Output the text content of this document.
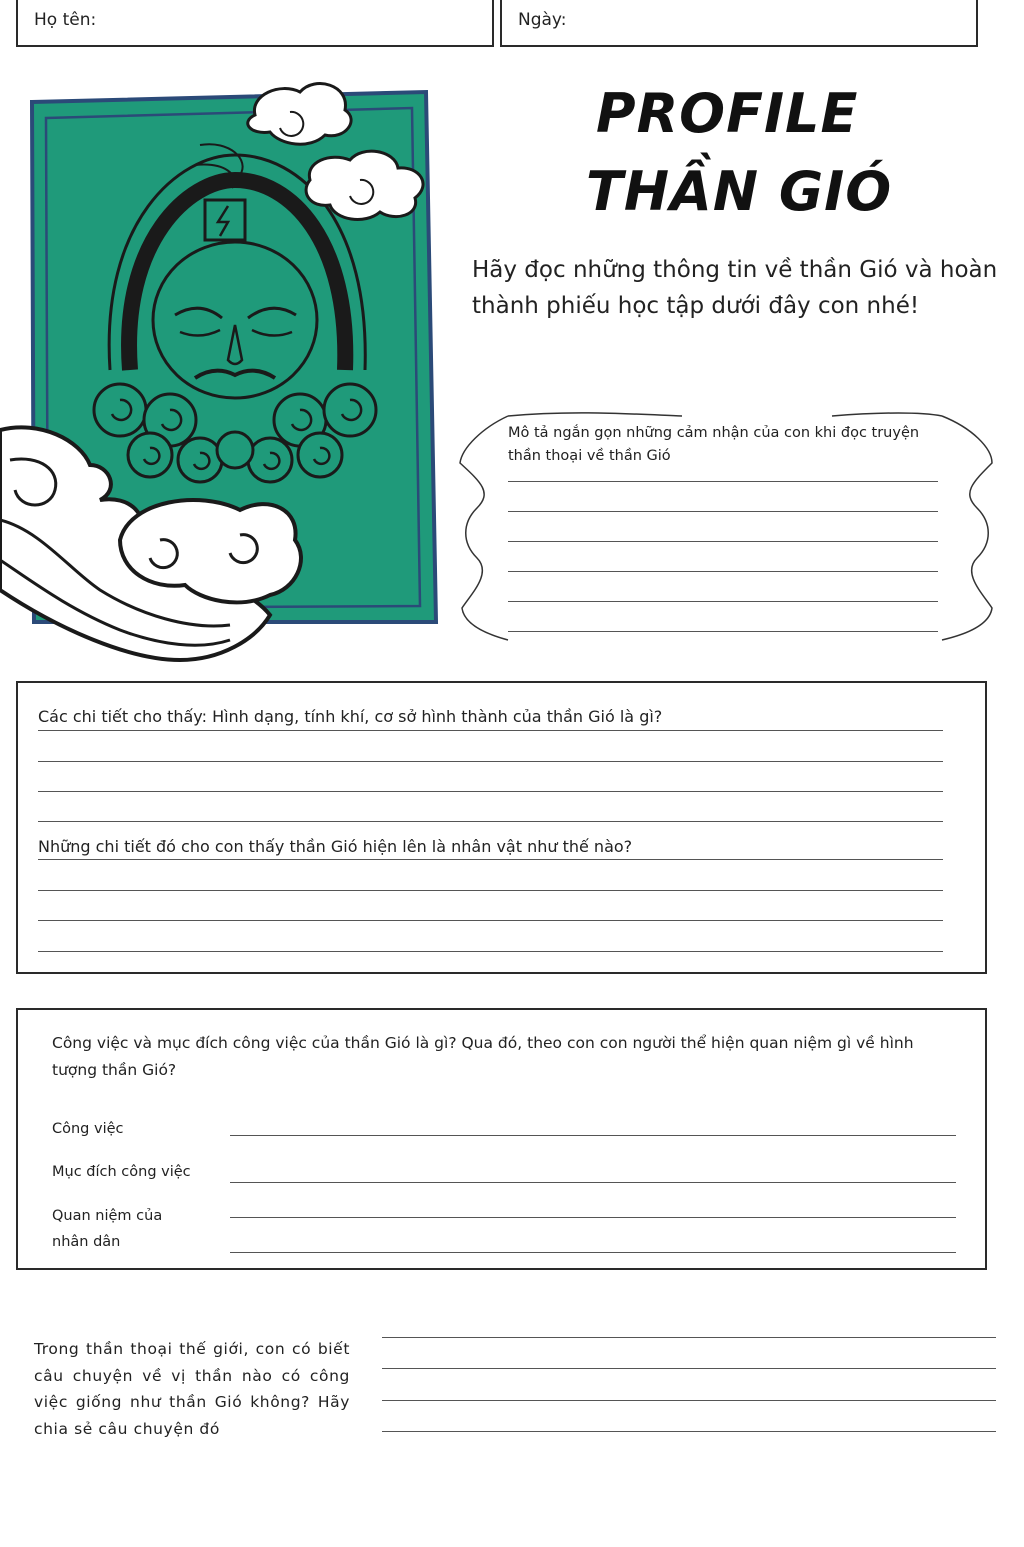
Họ tên:	Ngày:
PROFILE
THẦN GIÓ
Hãy đọc những thông tin về thần Gió và hoàn thành phiếu học tập dưới đây con nhé!
Mô tả ngắn gọn những cảm nhận của con khi đọc truyện thần thoại về thần Gió
Các chi tiết cho thấy: Hình dạng, tính khí, cơ sở hình thành của thần Gió là gì?
Những chi tiết đó cho con thấy thần Gió hiện lên là nhân vật như thế nào?
Công việc và mục đích công việc của thần Gió là gì? Qua đó, theo con con người thể hiện quan niệm gì về hình tượng thần Gió?
Công việc
Mục đích công việc
Quan niệm của
nhân dân
Trong thần thoại thế giới, con có biết câu chuyện về vị thần nào có công việc giống như thần Gió không? Hãy chia sẻ câu chuyện đó
